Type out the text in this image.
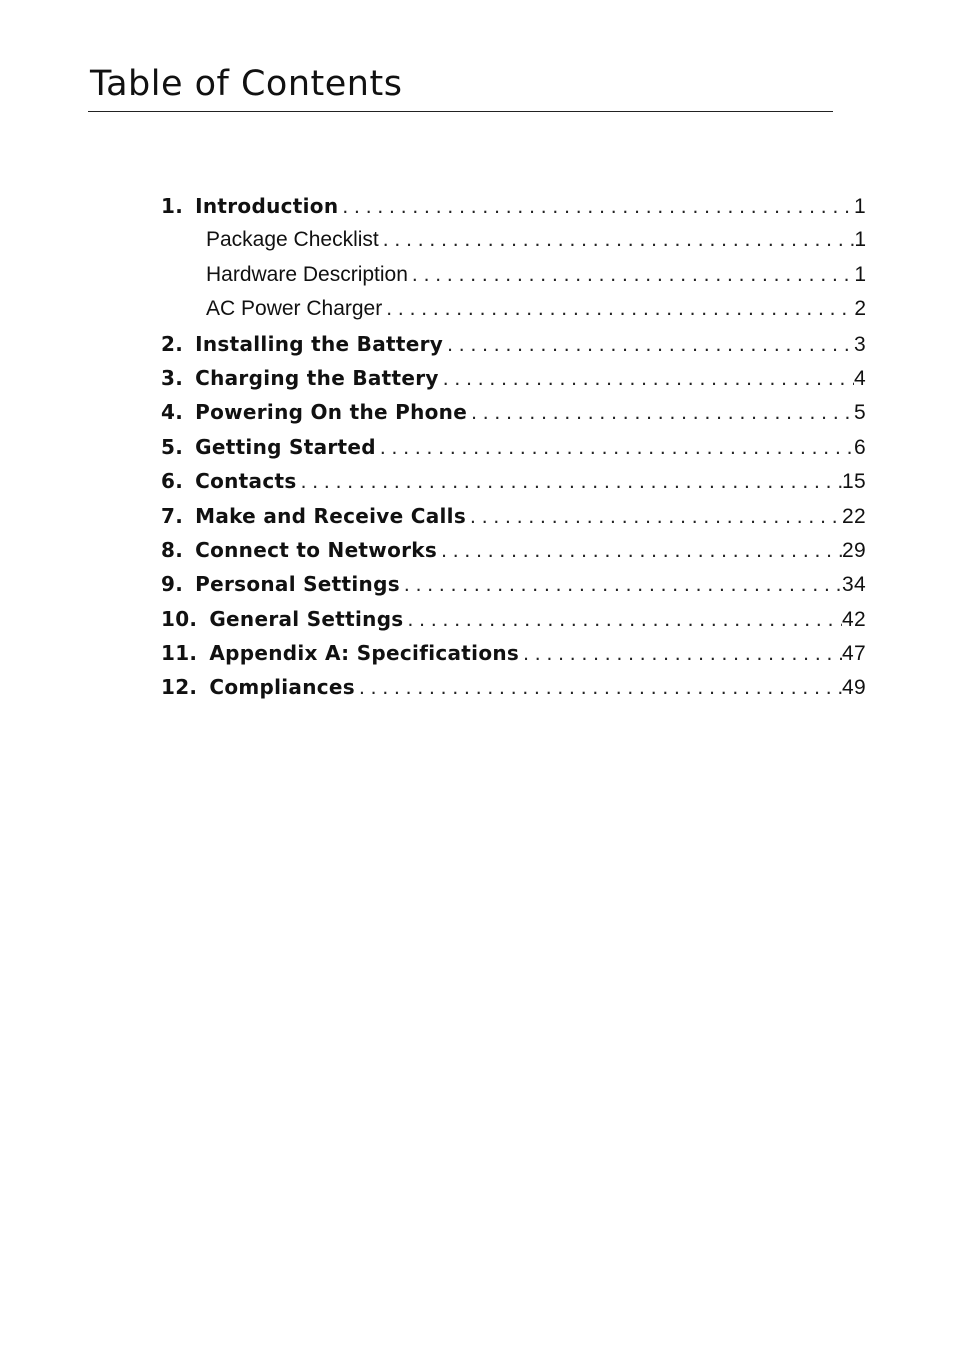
Table of Contents
1. Introduction . . .	1
Package Checklist . . .	1
Hardware Description . . .	1
AC Power Charger . . .	2
2. Installing the Battery . . .	3
3. Charging the Battery . . .	4
4. Powering On the Phone . . .	5
5. Getting Started . . .	6
6. Contacts . . .	15
7. Make and Receive Calls . . .	22
8. Connect to Networks . . .	29
9. Personal Settings . . .	34
10. General Settings . . .	42
11. Appendix A: Specifications . . .	47
12. Compliances . . .	49
